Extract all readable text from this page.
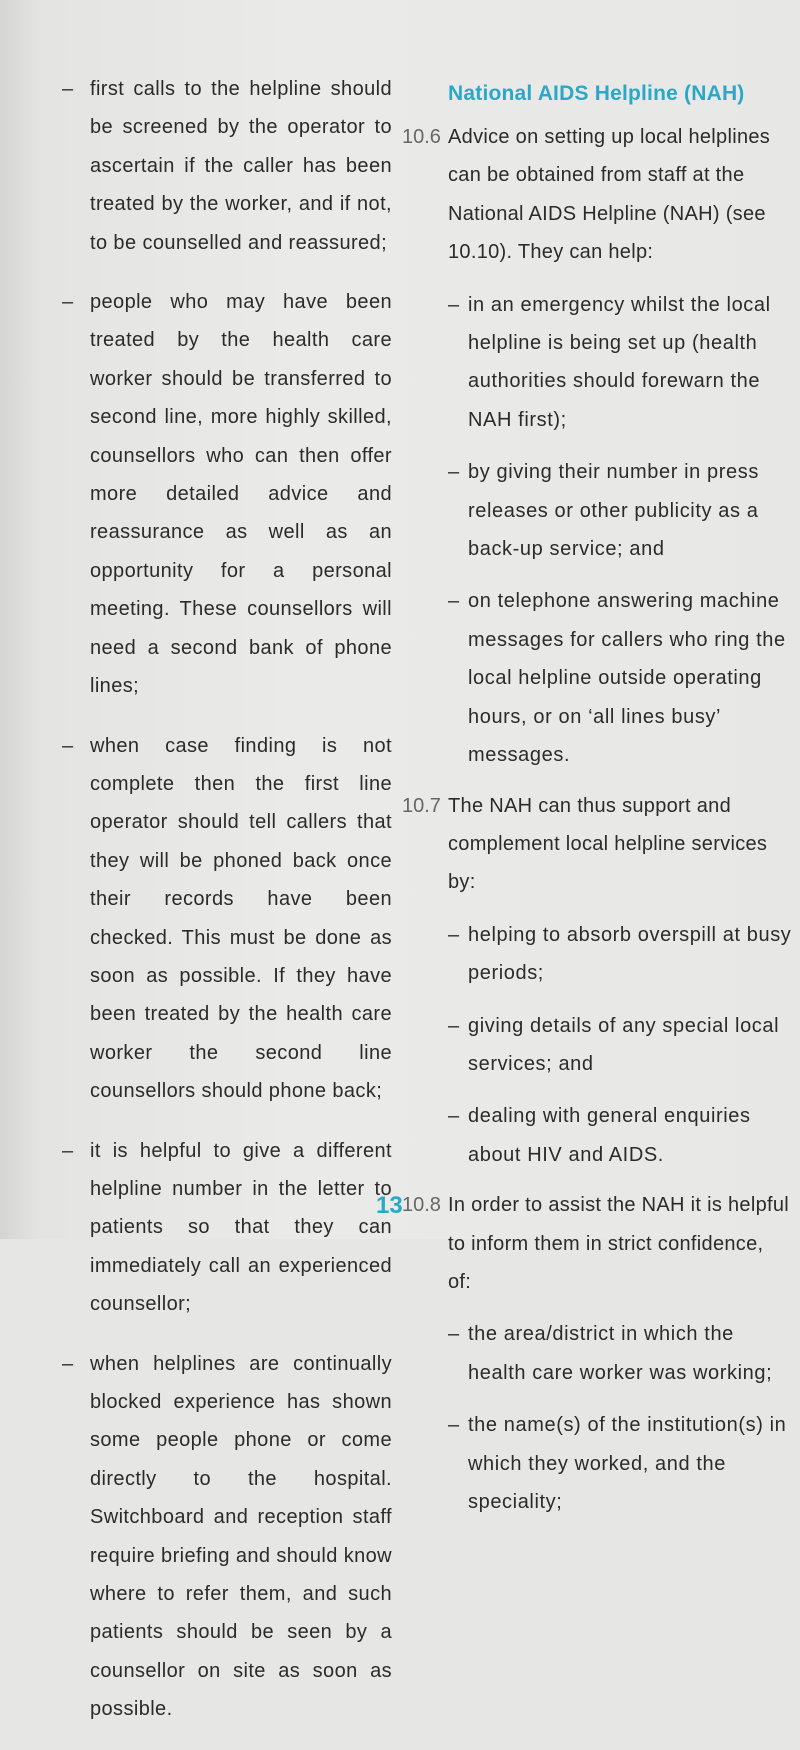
– first calls to the helpline should be screened by the operator to ascertain if the caller has been treated by the worker, and if not, to be counselled and reassured;
– people who may have been treated by the health care worker should be transferred to second line, more highly skilled, counsellors who can then offer more detailed advice and reassurance as well as an opportunity for a personal meeting. These counsellors will need a second bank of phone lines;
– when case finding is not complete then the first line operator should tell callers that they will be phoned back once their records have been checked. This must be done as soon as possible. If they have been treated by the health care worker the second line counsellors should phone back;
– it is helpful to give a different helpline number in the letter to patients so that they can immediately call an experienced counsellor;
– when helplines are continually blocked experience has shown some people phone or come directly to the hospital. Switchboard and reception staff require briefing and should know where to refer them, and such patients should be seen by a counsellor on site as soon as possible.
National AIDS Helpline (NAH)
10.6 Advice on setting up local helplines can be obtained from staff at the National AIDS Helpline (NAH) (see 10.10). They can help:
– in an emergency whilst the local helpline is being set up (health authorities should forewarn the NAH first);
– by giving their number in press releases or other publicity as a back-up service; and
– on telephone answering machine messages for callers who ring the local helpline outside operating hours, or on ‘all lines busy’ messages.
10.7 The NAH can thus support and complement local helpline services by:
– helping to absorb overspill at busy periods;
– giving details of any special local services; and
– dealing with general enquiries about HIV and AIDS.
10.8 In order to assist the NAH it is helpful to inform them in strict confidence, of:
– the area/district in which the health care worker was working;
– the name(s) of the institution(s) in which they worked, and the speciality;
13
